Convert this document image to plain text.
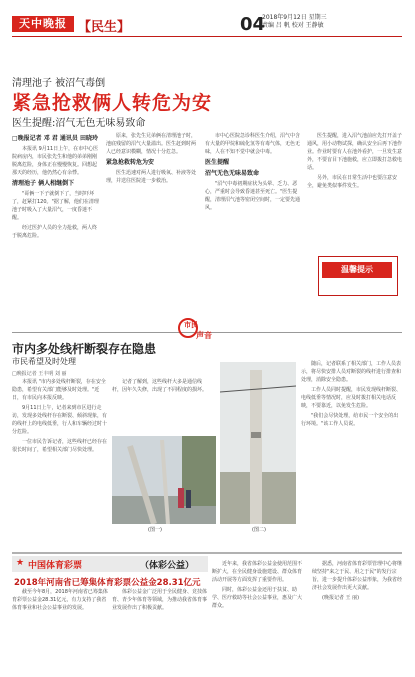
天中晚报 【民生】	04
2018年9月12日 星期三
责编 吕 帆 校对 王静敏
清理池子 被沼气毒倒
紧急抢救俩人转危为安
医生提醒:沼气无色无味易致命
□晚报记者 邓 君 通讯员 田晓玲

本报讯 9月11日上午，在市中心医院病房内，市民张先生和他的弟弟刚刚脱离危险，身体正在慢慢恢复。回想起那天的经历，他仍然心有余悸。

清理池子 俩人相继倒下

"哥俩一下子就倒下了，当时吓坏了，赶紧打120。"据了解，他们在清理池子时吸入了大量沼气，一度昏迷不醒。

经过医护人员的全力抢救，两人终于脱离危险。

原来，张先生兄弟俩在清理池子时，池底残留的沼气大量溢出。医生赶到时两人已经意识模糊，情况十分危急。

紧急抢救转危为安

医生迅速对两人进行吸氧、补液等处理，并送往医院进一步救治。

市中心医院急诊科医生介绍，沼气中含有大量的甲烷和硫化氢等有毒气体，无色无味，人在不知不觉中就会中毒。

医生提醒
沼气无色无味易致命

"沼气中毒初期症状为头晕、乏力、恶心，严重时会导致昏迷甚至死亡。"医生提醒，清理沼气池等密闭空间时，一定要先通风。

医生提醒，进入沼气池前应先打开盖子通风，用小动物试探，确认安全后再下池作业。作业时要有人在池外看护，一旦发生意外，不要盲目下池施救，应立即拨打急救电话。

另外，市民在日常生活中也要注意安全，避免类似事件发生。

温馨提示
市民
声音
市内多处线杆断裂存在隐患
市民希望及时处理
□晚报记者 王丰明 刘 丽

本报讯 "市内多处线杆断裂，存在安全隐患，希望有关部门能够及时处理。"近日，有市民向本报反映。

9月11日上午，记者来到市区进行走访，发现多处线杆存在断裂、倾斜现象，有的线杆上的电线低垂，行人和车辆经过时十分危险。

一位市民告诉记者，这些线杆已经存在很长时间了，希望相关部门尽快处理。

记者了解到，这些线杆大多是通信线杆，因年久失修，出现了不同程度的损坏。

(图一)	(图二)

随后，记者联系了相关部门，工作人员表示，将尽快安排人员对断裂的线杆进行排查和处理，消除安全隐患。

工作人员同时提醒，市民发现线杆断裂、电线低垂等情况时，应及时拨打相关电话反映，不要靠近，以免发生危险。

"我们会尽快处理，给市民一个安全的出行环境。"该工作人员说。

★ 中国体育彩票	（体彩公益）
2018年河南省已筹集体育彩票公益金28.31亿元

截至今年8月，2018年河南省已筹集体育彩票公益金28.31亿元，有力支持了我省体育事业和社会公益事业的发展。

体彩公益金广泛用于全民健身、竞技体育、青少年体育等领域，为推动我省体育事业发展作出了积极贡献。

近年来，我省体彩公益金使用范围不断扩大，在全民健身设施建设、群众体育活动开展等方面发挥了重要作用。

同时，体彩公益金还用于扶贫、助学、医疗救助等社会公益事业，惠及广大群众。

据悉，河南省体育彩票管理中心将继续坚持"来之于民、用之于民"的发行宗旨，进一步提升体彩公益形象，为我省经济社会发展作出更大贡献。

(晚报记者 王 丽)
